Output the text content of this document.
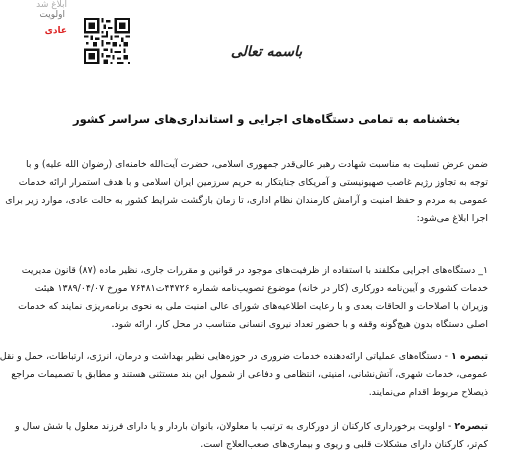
اولویت
عادی
ابلاغ شد
باسمه تعالی
بخشنامه به تمامی دستگاه‌های اجرایی و استانداری‌های سراسر کشور
ضمن عرض تسلیت به مناسبت شهادت رهبر عالی‌قدر جمهوری اسلامی، حضرت آیت‌الله خامنه‌ای (رضوان الله علیه) و با
توجه به تجاوز رژیم غاصب صهیونیستی و آمریکای جنایتکار به حریم سرزمین ایران اسلامی و با هدف استمرار ارائه خدمات
عمومی به مردم و حفظ امنیت و آرامش کارمندان نظام اداری، تا زمان بازگشت شرایط کشور به حالت عادی، موارد زیر برای
اجرا ابلاغ می‌شود:
۱_ دستگاه‌های اجرایی مکلفند با استفاده از ظرفیت‌های موجود در قوانین و مقررات جاری، نظیر ماده (۸۷) قانون مدیریت
خدمات کشوری و آیین‌نامه دورکاری (کار در خانه) موضوع تصویب‌نامه شماره ۴۴۷۲۶ت۷۶۴۸۱ مورخ ۱۳۸۹/۰۴/۰۷ هیئت
وزیران با اصلاحات و الحاقات بعدی و با رعایت اطلاعیه‌های شورای عالی امنیت ملی به نحوی برنامه‌ریزی نمایند که خدمات
اصلی دستگاه بدون هیچ‌گونه وقفه و با حضور تعداد نیروی انسانی متناسب در محل کار، ارائه شود.
تبصره ۱ - دستگاه‌های عملیاتی ارائه‌دهنده خدمات ضروری در حوزه‌هایی نظیر بهداشت و درمان، انرژی، ارتباطات، حمل و نقل
عمومی، خدمات شهری، آتش‌نشانی، امنیتی، انتظامی و دفاعی از شمول این بند مستثنی هستند و مطابق با تصمیمات مراجع
ذیصلاح مربوط اقدام می‌نمایند.
تبصره۲ - اولویت برخورداری کارکنان از دورکاری به ترتیب با معلولان، بانوان باردار و یا دارای فرزند معلول یا شش سال و
کم‌تر، کارکنان دارای مشکلات قلبی و ریوی و بیماری‌های صعب‌العلاج است.
